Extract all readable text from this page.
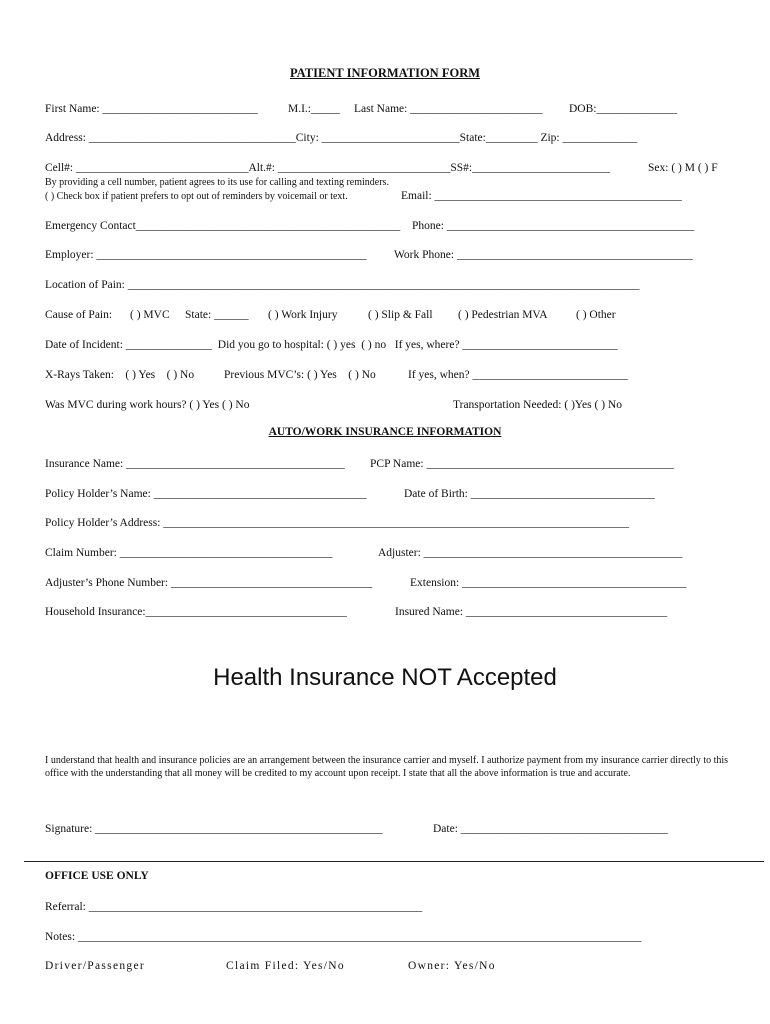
PATIENT INFORMATION FORM
First Name: ___________________________	M.I.:_____ Last Name: _______________________ DOB:______________
Address: ____________________________________City: ________________________State:_________ Zip: _____________
Cell#: ______________________________Alt.#: ______________________________SS#:________________________	Sex: ( ) M ( ) F
By providing a cell number, patient agrees to its use for calling and texting reminders.
( ) Check box if patient prefers to opt out of reminders by voicemail or text.	Email: ___________________________________________
Emergency Contact______________________________________________ Phone: ___________________________________________
Employer: _______________________________________________ Work Phone: _________________________________________
Location of Pain: _________________________________________________________________________________________
Cause of Pain: ( ) MVC State: ______ ( ) Work Injury	( ) Slip & Fall ( ) Pedestrian MVA ( ) Other
Date of Incident: _______________  Did you go to hospital: ( ) yes  ( ) no   If yes, where? ___________________________
X-Rays Taken:    ( ) Yes    ( ) No	Previous MVC’s: ( ) Yes    ( ) No	If yes, when? ___________________________
Was MVC during work hours? ( ) Yes ( ) No	Transportation Needed: ( )Yes ( ) No
AUTO/WORK INSURANCE INFORMATION
Insurance Name: ______________________________________ PCP Name: ___________________________________________
Policy Holder’s Name: _____________________________________	Date of Birth: ________________________________
Policy Holder’s Address: _________________________________________________________________________________
Claim Number: _____________________________________	Adjuster: _____________________________________________
Adjuster’s Phone Number: ___________________________________	Extension: _______________________________________
Household Insurance:___________________________________	Insured Name: ___________________________________
Health Insurance NOT Accepted
I understand that health and insurance policies are an arrangement between the insurance carrier and myself. I authorize payment from my insurance carrier directly to this office with the understanding that all money will be credited to my account upon receipt. I state that all the above information is true and accurate.
Signature: __________________________________________________	Date: ____________________________________
OFFICE USE ONLY
Referral: __________________________________________________________
Notes: __________________________________________________________________________________________________
Driver/Passenger	Claim Filed: Yes/No	Owner: Yes/No
